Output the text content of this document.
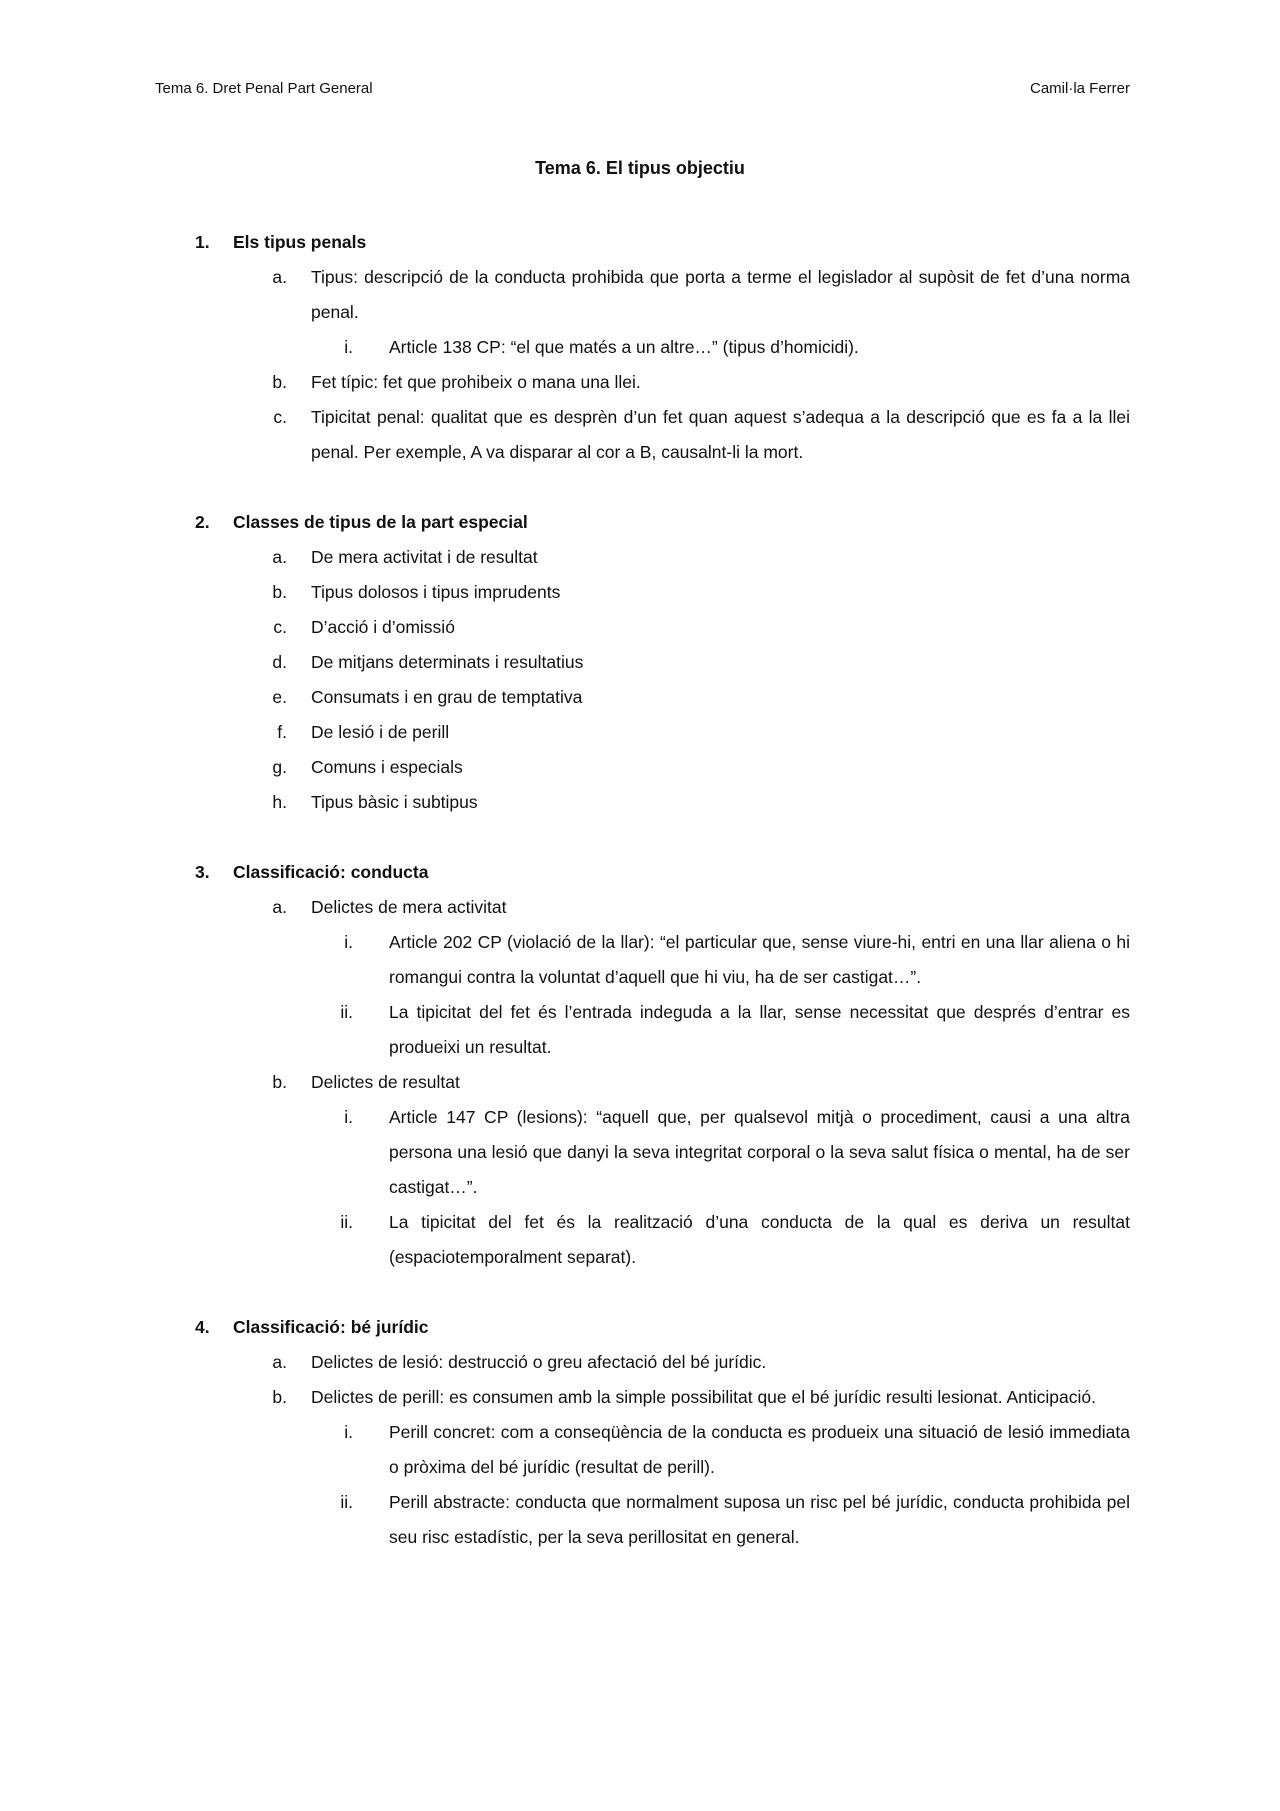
Tema 6. Dret Penal Part General	Camil·la Ferrer
Tema 6. El tipus objectiu
1.	Els tipus penals
a.	Tipus: descripció de la conducta prohibida que porta a terme el legislador al supòsit de fet d’una norma penal.
i.	Article 138 CP: “el que matés a un altre…” (tipus d’homicidi).
b.	Fet típic: fet que prohibeix o mana una llei.
c.	Tipicitat penal: qualitat que es desprèn d’un fet quan aquest s’adequa a la descripció que es fa a la llei penal. Per exemple, A va disparar al cor a B, causalnt-li la mort.
2.	Classes de tipus de la part especial
a.	De mera activitat i de resultat
b.	Tipus dolosos i tipus imprudents
c.	D’acció i d’omissió
d.	De mitjans determinats i resultatius
e.	Consumats i en grau de temptativa
f.	De lesió i de perill
g.	Comuns i especials
h.	Tipus bàsic i subtipus
3.	Classificació: conducta
a.	Delictes de mera activitat
i.	Article 202 CP (violació de la llar): “el particular que, sense viure-hi, entri en una llar aliena o hi romangui contra la voluntat d’aquell que hi viu, ha de ser castigat…”.
ii.	La tipicitat del fet és l’entrada indeguda a la llar, sense necessitat que després d’entrar es produeixi un resultat.
b.	Delictes de resultat
i.	Article 147 CP (lesions): “aquell que, per qualsevol mitjà o procediment, causi a una altra persona una lesió que danyi la seva integritat corporal o la seva salut física o mental, ha de ser castigat…”.
ii.	La tipicitat del fet és la realització d’una conducta de la qual es deriva un resultat (espaciotemporalment separat).
4.	Classificació: bé jurídic
a.	Delictes de lesió: destrucció o greu afectació del bé jurídic.
b.	Delictes de perill: es consumen amb la simple possibilitat que el bé jurídic resulti lesionat. Anticipació.
i.	Perill concret: com a conseqüència de la conducta es produeix una situació de lesió immediata o pròxima del bé jurídic (resultat de perill).
ii.	Perill abstracte: conducta que normalment suposa un risc pel bé jurídic, conducta prohibida pel seu risc estadístic, per la seva perillositat en general.
